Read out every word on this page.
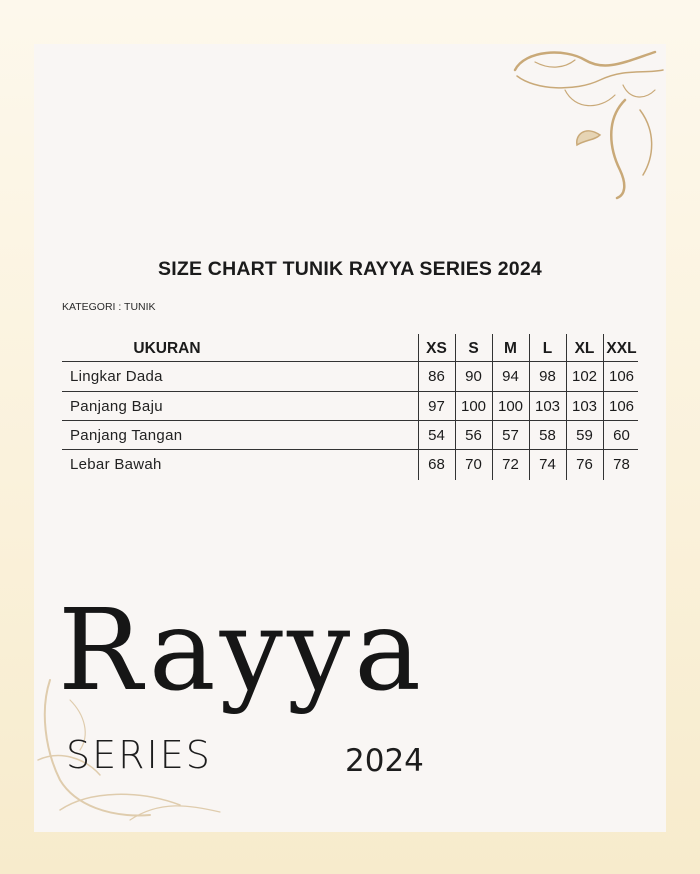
SIZE CHART TUNIK RAYYA SERIES 2024
KATEGORI : TUNIK
UKURAN	XS	S	M	L	XL XXL
Lingkar Dada	86	90	94	98	102 106
Panjang Baju	97	100 100 103 103 106
Panjang Tangan	54	56	57	58	59	60
Lebar Bawah	68	70	72	74	76	78
Rayya
SERIES	2024
